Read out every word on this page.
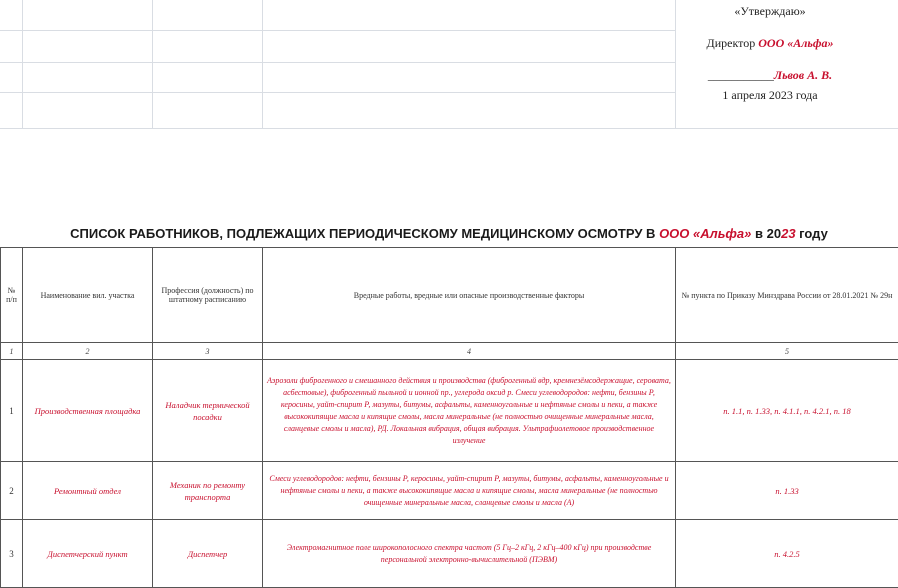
«Утверждаю»
Директор ООО «Альфа»
___________Львов А. В.
1 апреля 2023 года
СПИСОК РАБОТНИКОВ, ПОДЛЕЖАЩИХ ПЕРИОДИЧЕСКОМУ МЕДИЦИНСКОМУ ОСМОТРУ В ООО «Альфа» в 2023 году
№ п/п	Наименование вил. участка	Профессия (должность) по штатному расписанию	Вредные работы, вредные или опасные производственные факторы	№ пункта по Приказу Минздрава России от 28.01.2021 № 29н
1	2	3	4	5
1	Производственная площадка	Наладчик термической посадки	Аэрозоли фиброгенного и смешанного действия и производства (фиброгенный вдр, кремнезёмсодержащие, серовата, асбестовые), фиброгенный пыльной и ионной пр., углерода оксид р. Смеси углеводородов: нефти, бензины Р, керосины, уайт-спирит Р, мазуты, битумы, асфальты, каменноугольные и нефтяные смолы и пеки, а также высококипящие масла и кипящие смолы, масла минеральные (не полностью очищенные минеральные масла, сланцевые смолы и масла), РД. Локальная вибрация, общая вибрация. Ультрафиолетовое производственное излучение	п. 1.1, п. 1.33, п. 4.1.1, п. 4.2.1, п. 18
2	Ремонтный отдел	Механик по ремонту транспорта	Смеси углеводородов: нефти, бензины Р, керосины, уайт-спирит Р, мазуты, битумы, асфальты, каменноугольные и нефтяные смолы и пеки, а также высококипящие масла и кипящие смолы, масла минеральные (не полностью очищенные минеральные масла, сланцевые смолы и масла (А)	п. 1.33
3	Диспетчерский пункт	Диспетчер	Электромагнитное поле широкополосного спектра частот (5 Гц–2 кГц, 2 кГц–400 кГц) при производстве персональной электронно-вычислительной (ПЭВМ)	п. 4.2.5
